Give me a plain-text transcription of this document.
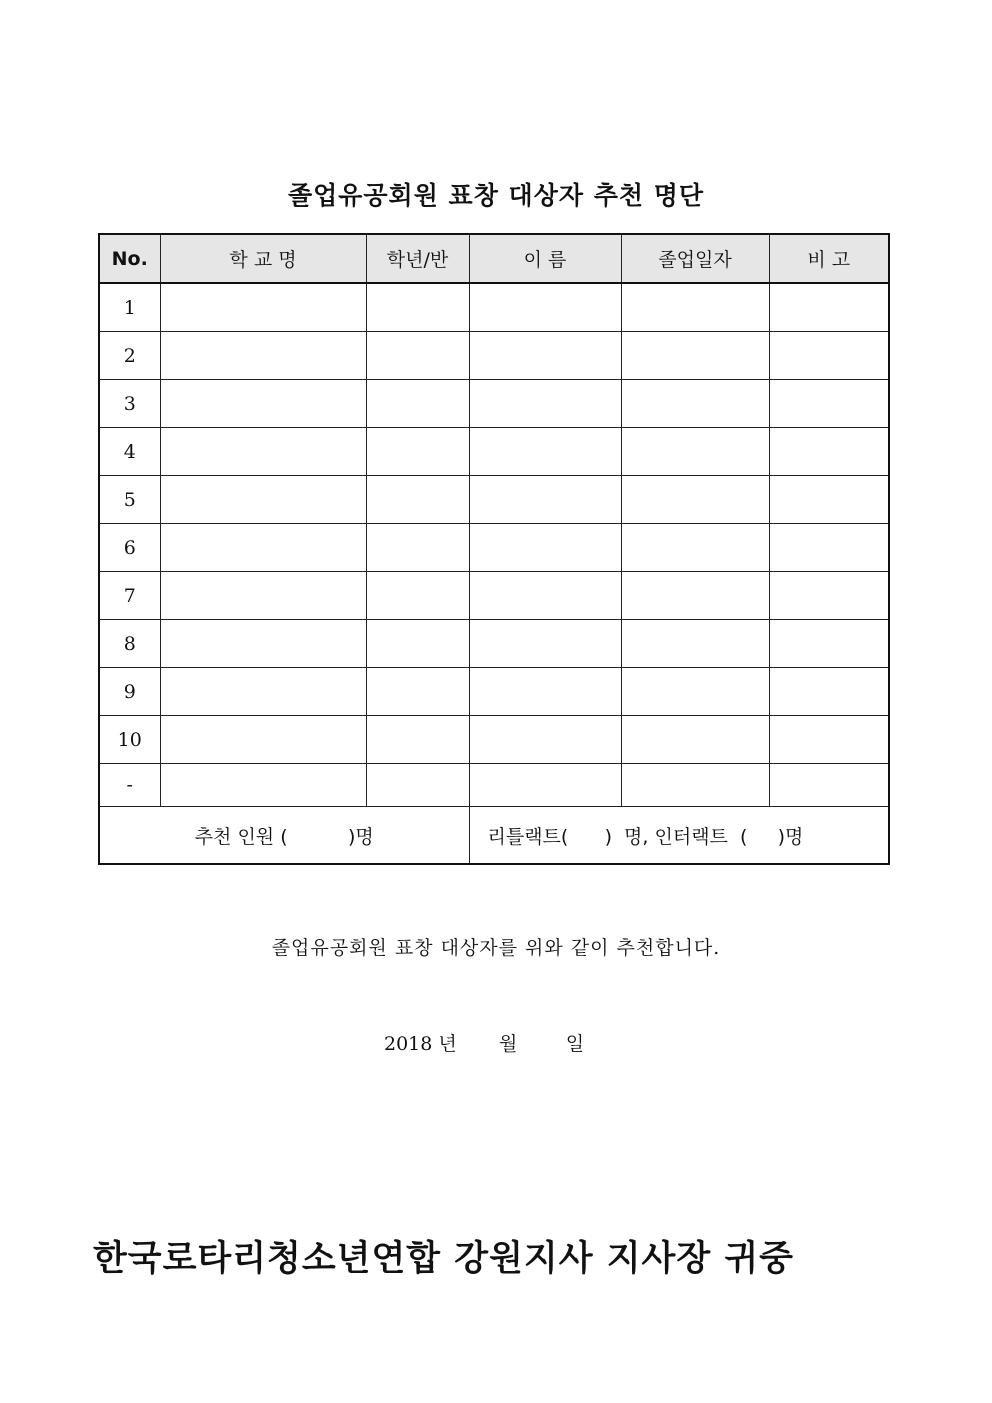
졸업유공회원 표창 대상자 추천 명단
No.	학 교 명	학년/반	이 름	졸업일자	비 고
1					
2					
3					
4					
5					
6					
7					
8					
9					
10					
-					
추천 인원 (          )명			리틀랙트(      )  명, 인터랙트  (     )명		
졸업유공회원 표창 대상자를 위와 같이 추천합니다.
2018 년       월        일
한국로타리청소년연합 강원지사 지사장 귀중
